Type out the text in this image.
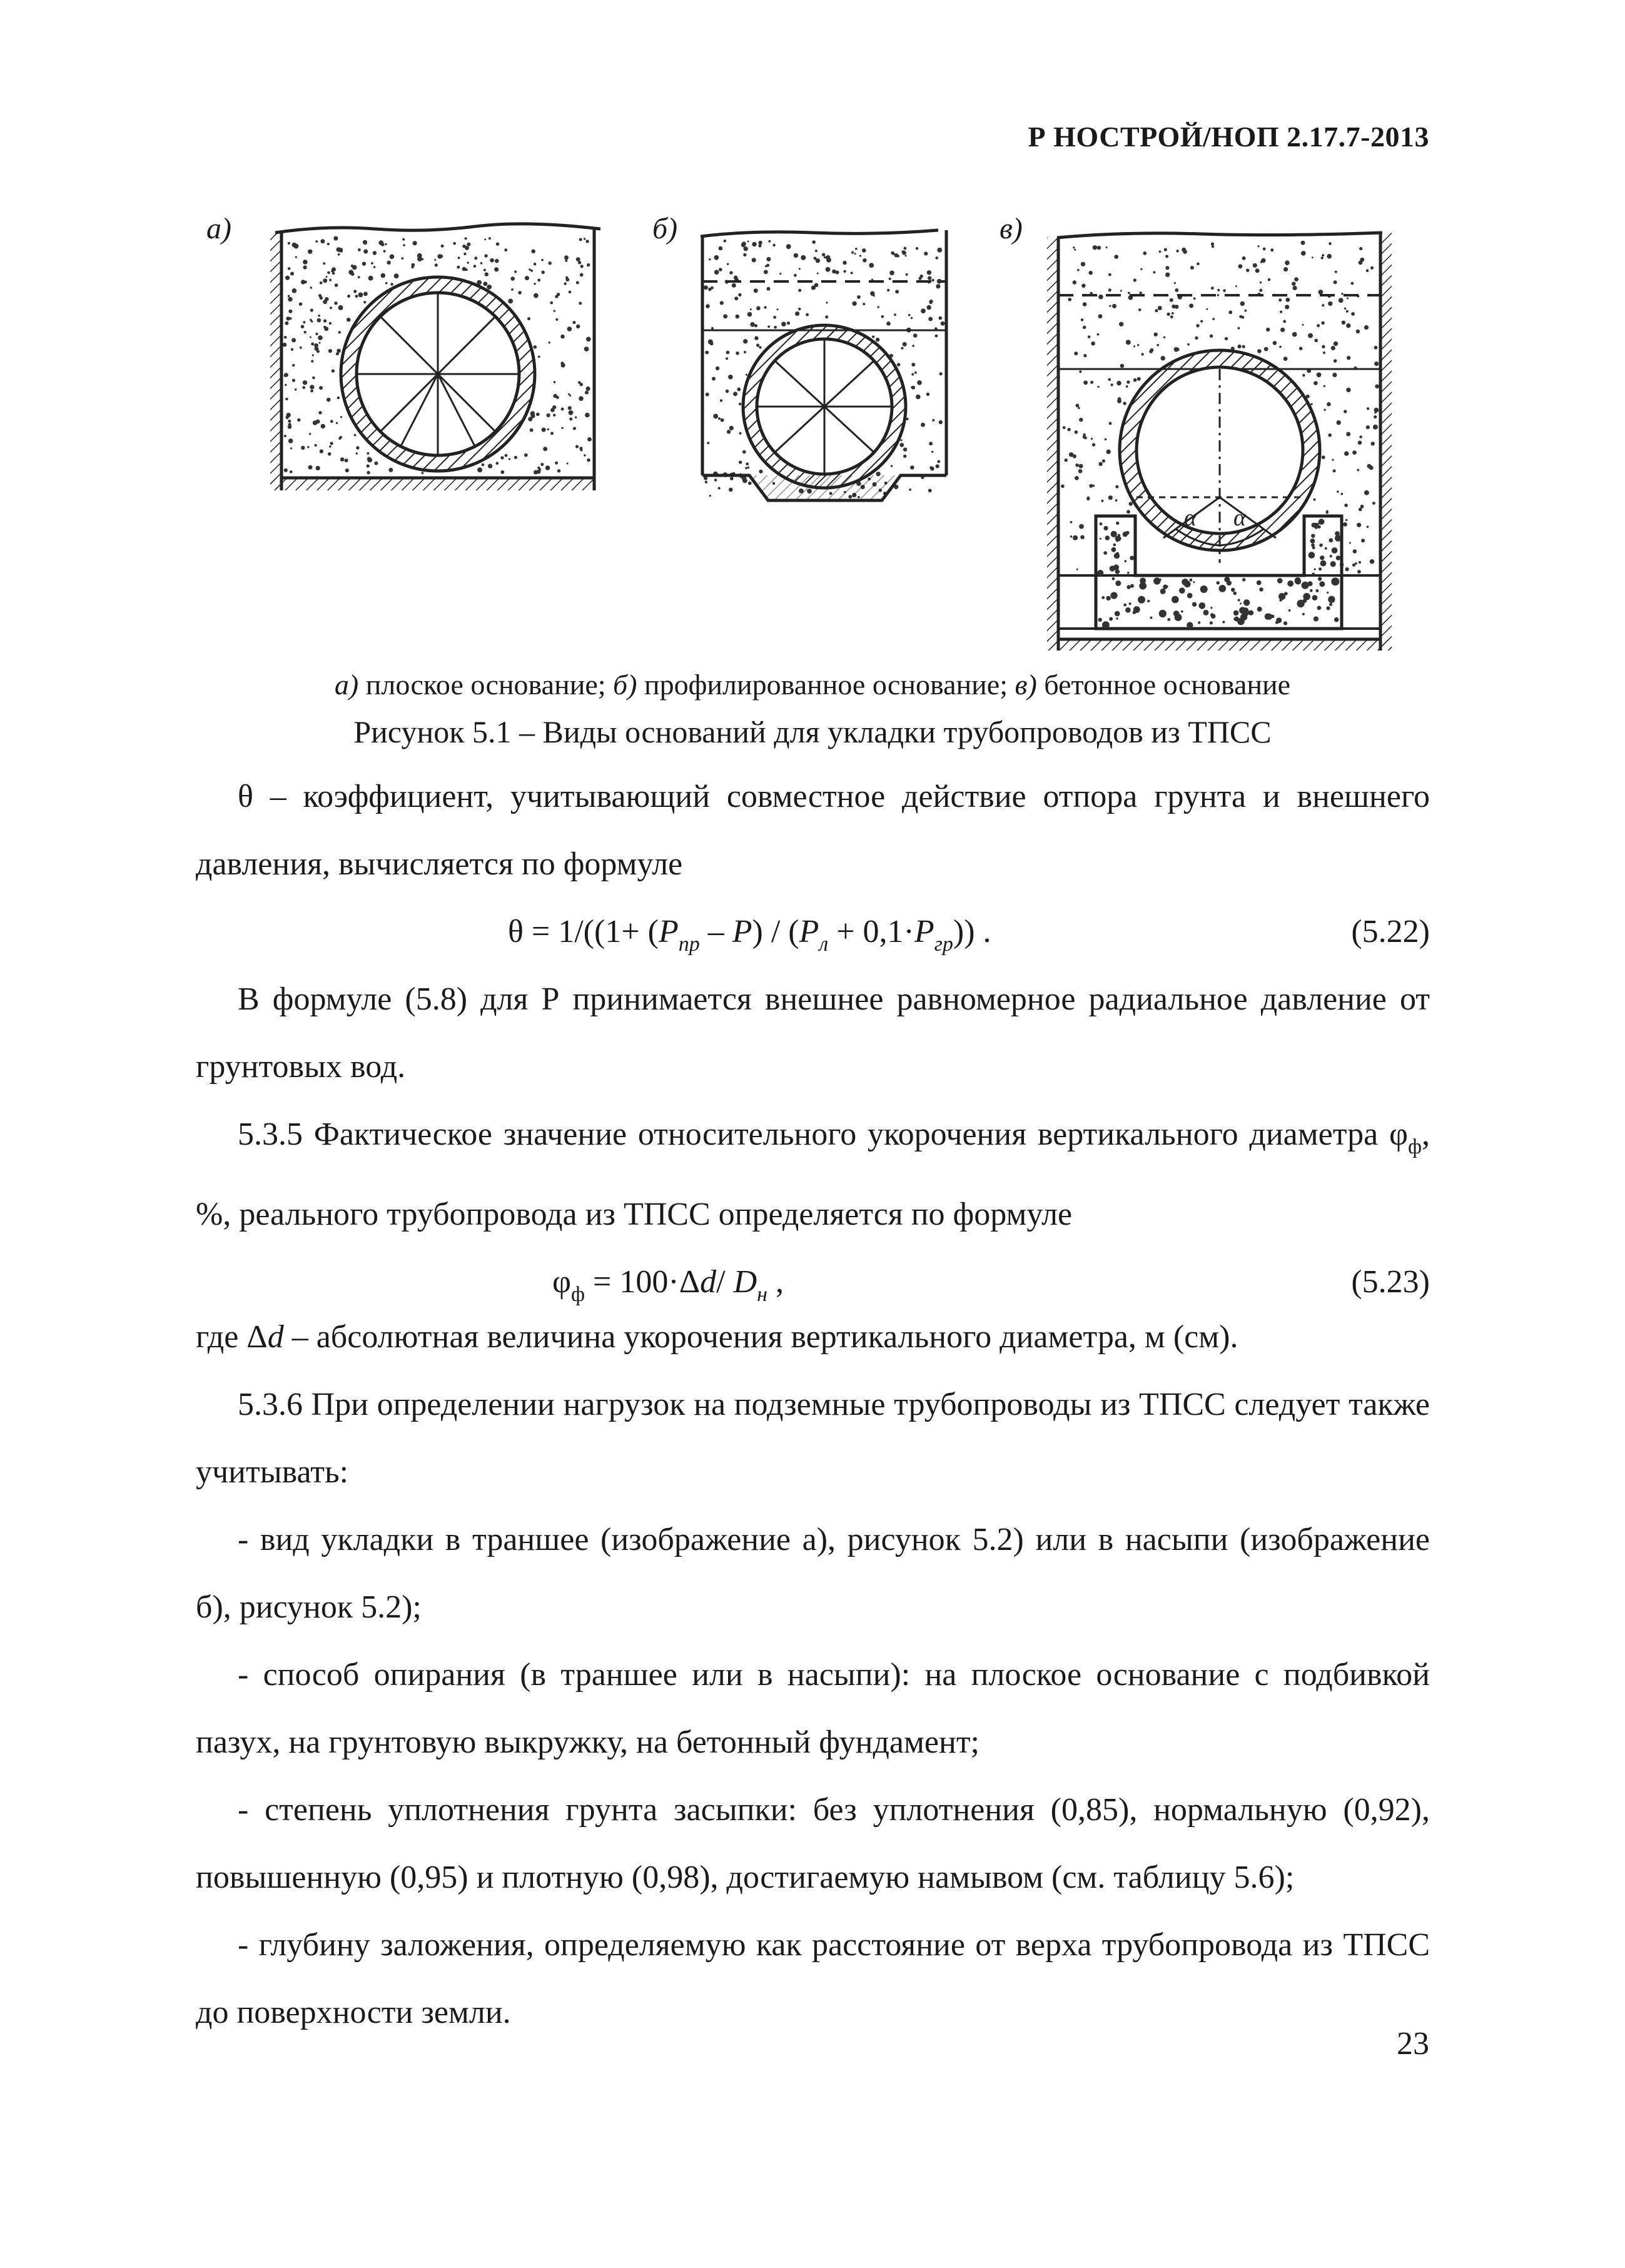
Р НОСТРОЙ/НОП 2.17.7-2013
а)	б)	в)
α α
а) плоское основание; б) профилированное основание; в) бетонное основание
Рисунок 5.1 – Виды оснований для укладки трубопроводов из ТПСС

θ – коэффициент, учитывающий совместное действие отпора грунта и внешнего давления, вычисляется по формуле

$\theta = 1/((1+ (P_{пр} - P) / (P_л + 0,1\cdot P_{гр}))$ .	(5.22)

В формуле (5.8) для Р принимается внешнее равномерное радиальное давление от грунтовых вод.

5.3.5 Фактическое значение относительного укорочения вертикального диаметра $\varphi_ф$, %, реального трубопровода из ТПСС определяется по формуле

$\varphi_ф = 100\cdot\Delta d/$ $D_н$ ,	(5.23)

где Δd – абсолютная величина укорочения вертикального диаметра, м (см).

5.3.6 При определении нагрузок на подземные трубопроводы из ТПСС следует также учитывать:

- вид укладки в траншее (изображение а), рисунок 5.2) или в насыпи (изображение б), рисунок 5.2);

- способ опирания (в траншее или в насыпи): на плоское основание с подбивкой пазух, на грунтовую выкружку, на бетонный фундамент;

- степень уплотнения грунта засыпки: без уплотнения (0,85), нормальную (0,92), повышенную (0,95) и плотную (0,98), достигаемую намывом (см. таблицу 5.6);

- глубину заложения, определяемую как расстояние от верха трубопровода из ТПСС до поверхности земли.

23
